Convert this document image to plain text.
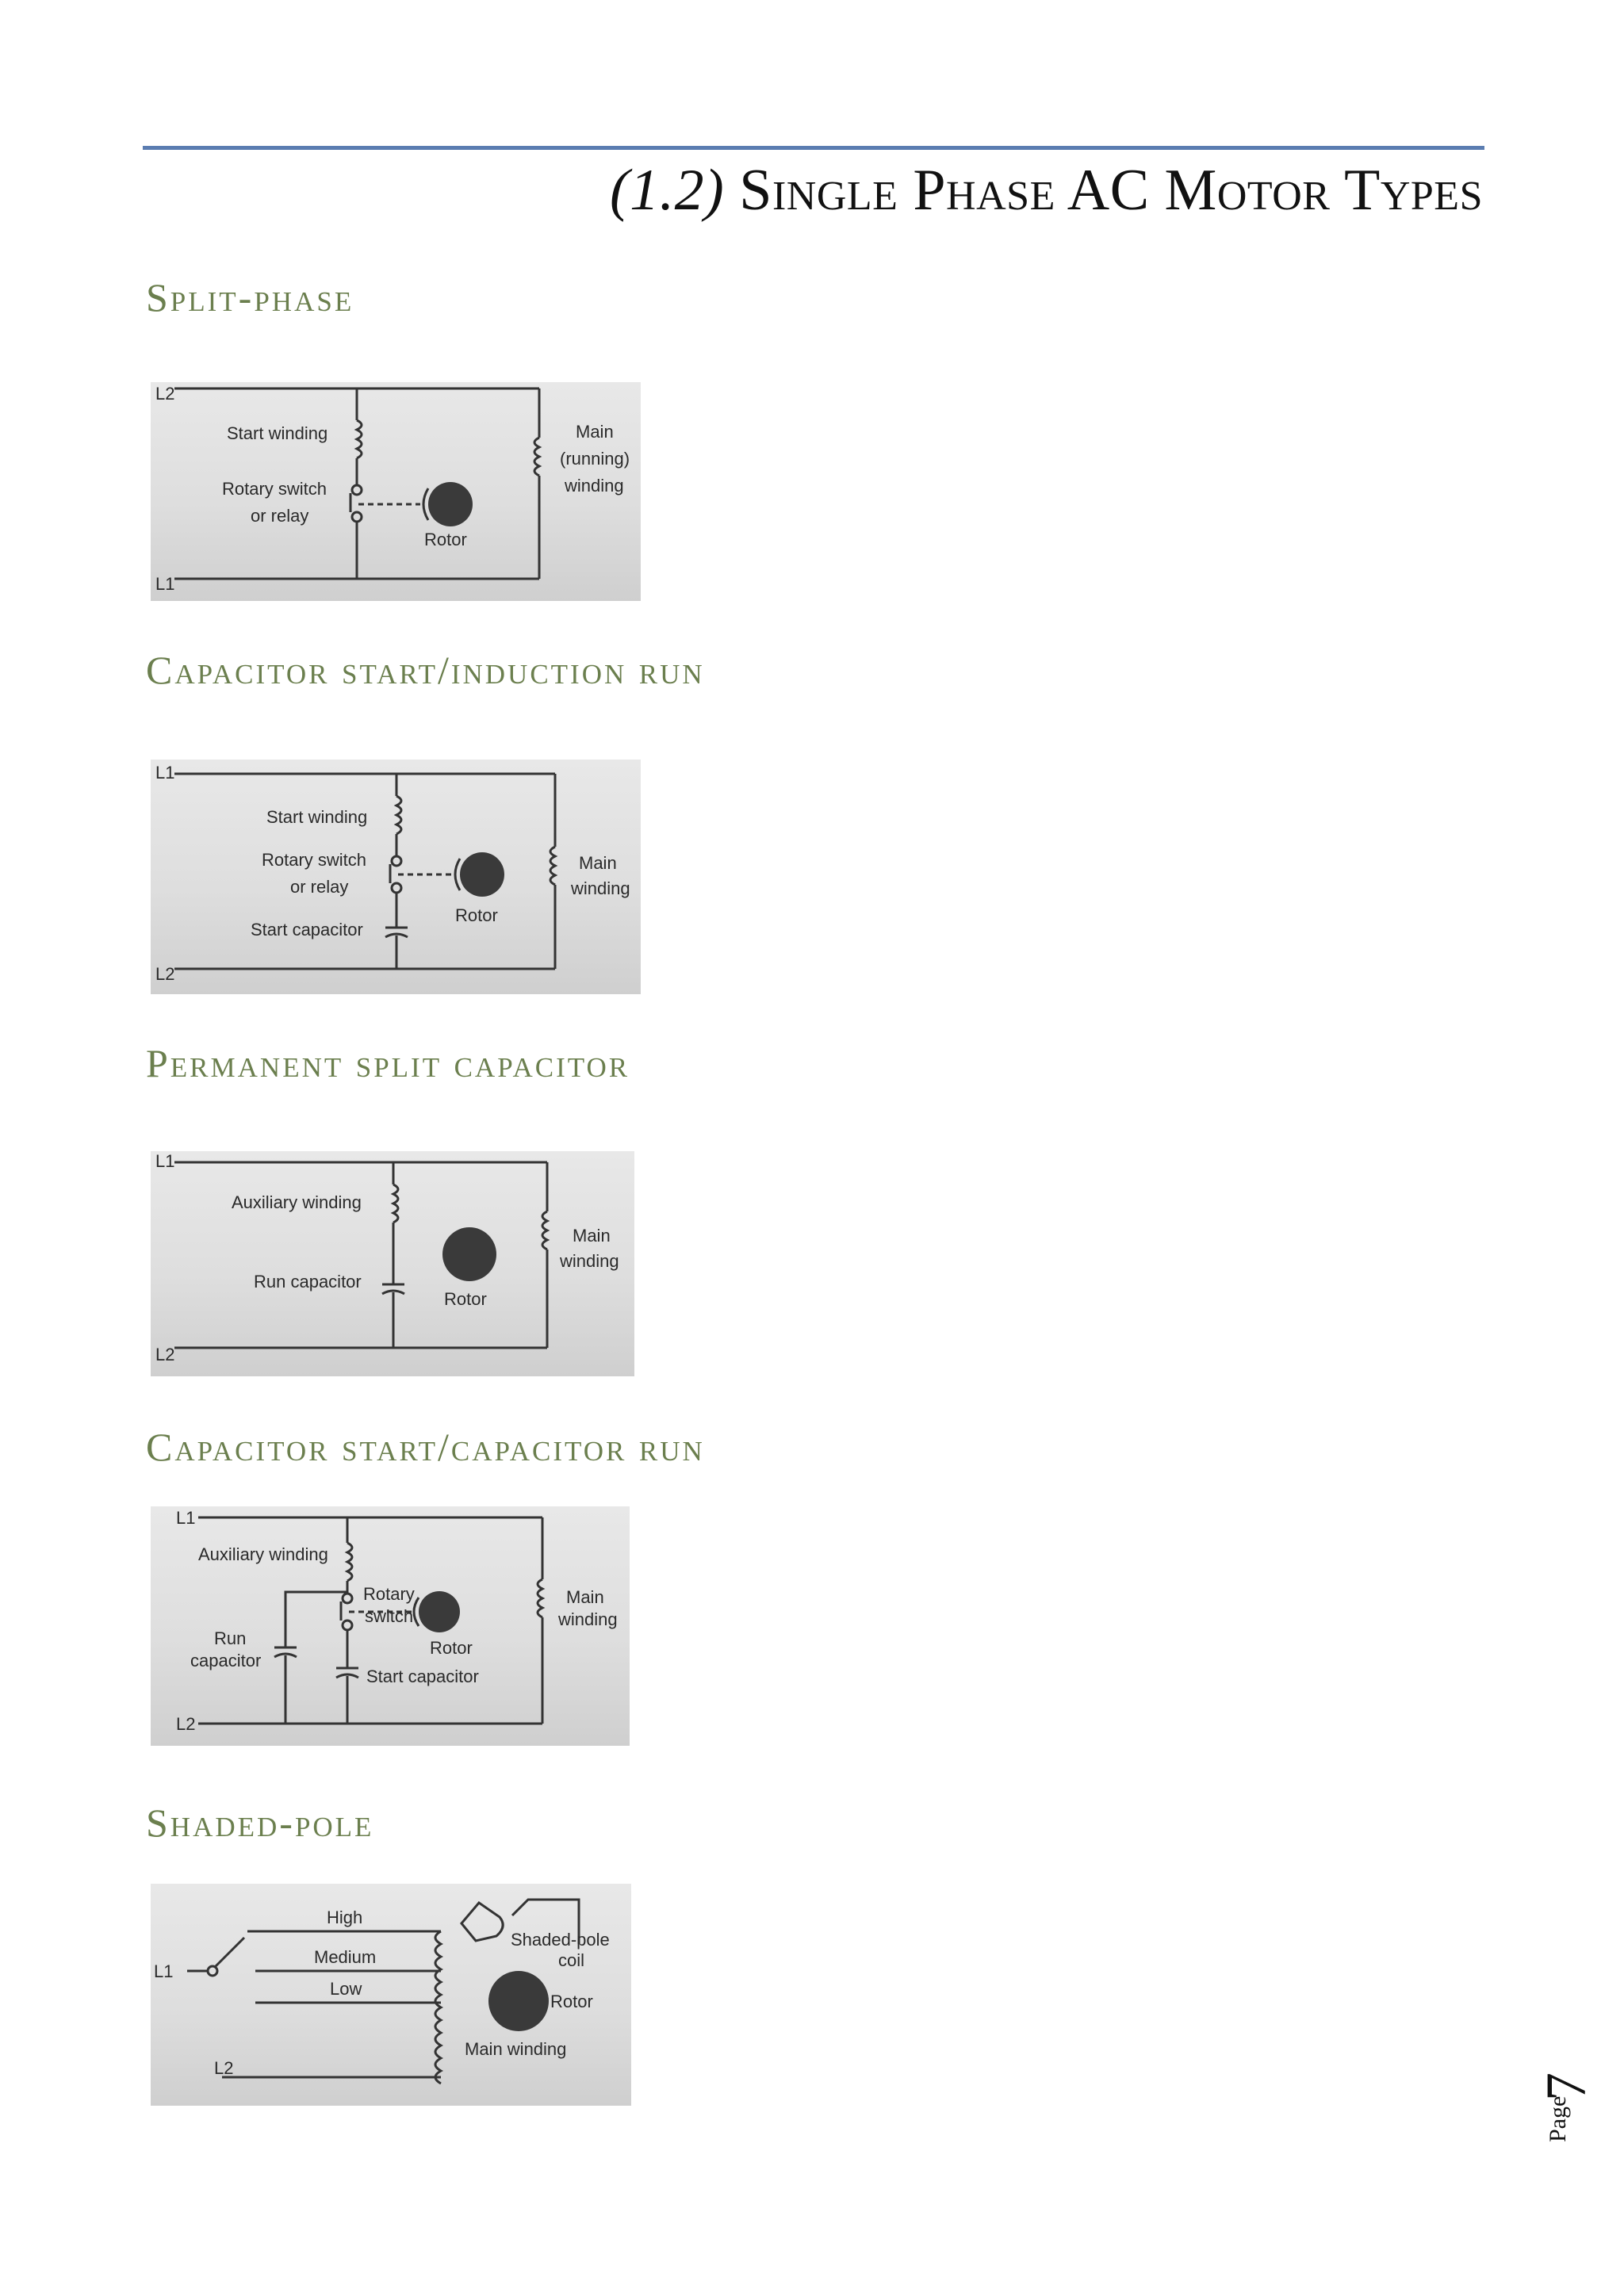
(1.2) Single Phase AC Motor Types
Split-phase
L2
L1
Start winding
Rotary switch
or relay
Rotor
Main
(running)
winding
Capacitor start/induction run
L1
L2
Start winding
Rotary switch
or relay
Start capacitor
Rotor
Main
winding
Permanent split capacitor
L1
L2
Auxiliary winding
Run capacitor
Rotor
Main
winding
Capacitor start/capacitor run
L1
L2
Auxiliary winding
Rotary
switch
Rotor
Run
capacitor
Start capacitor
Main
winding
Shaded-pole
High
Medium
Low
L1
L2
Shaded-pole
coil
Rotor
Main winding
Page
7
